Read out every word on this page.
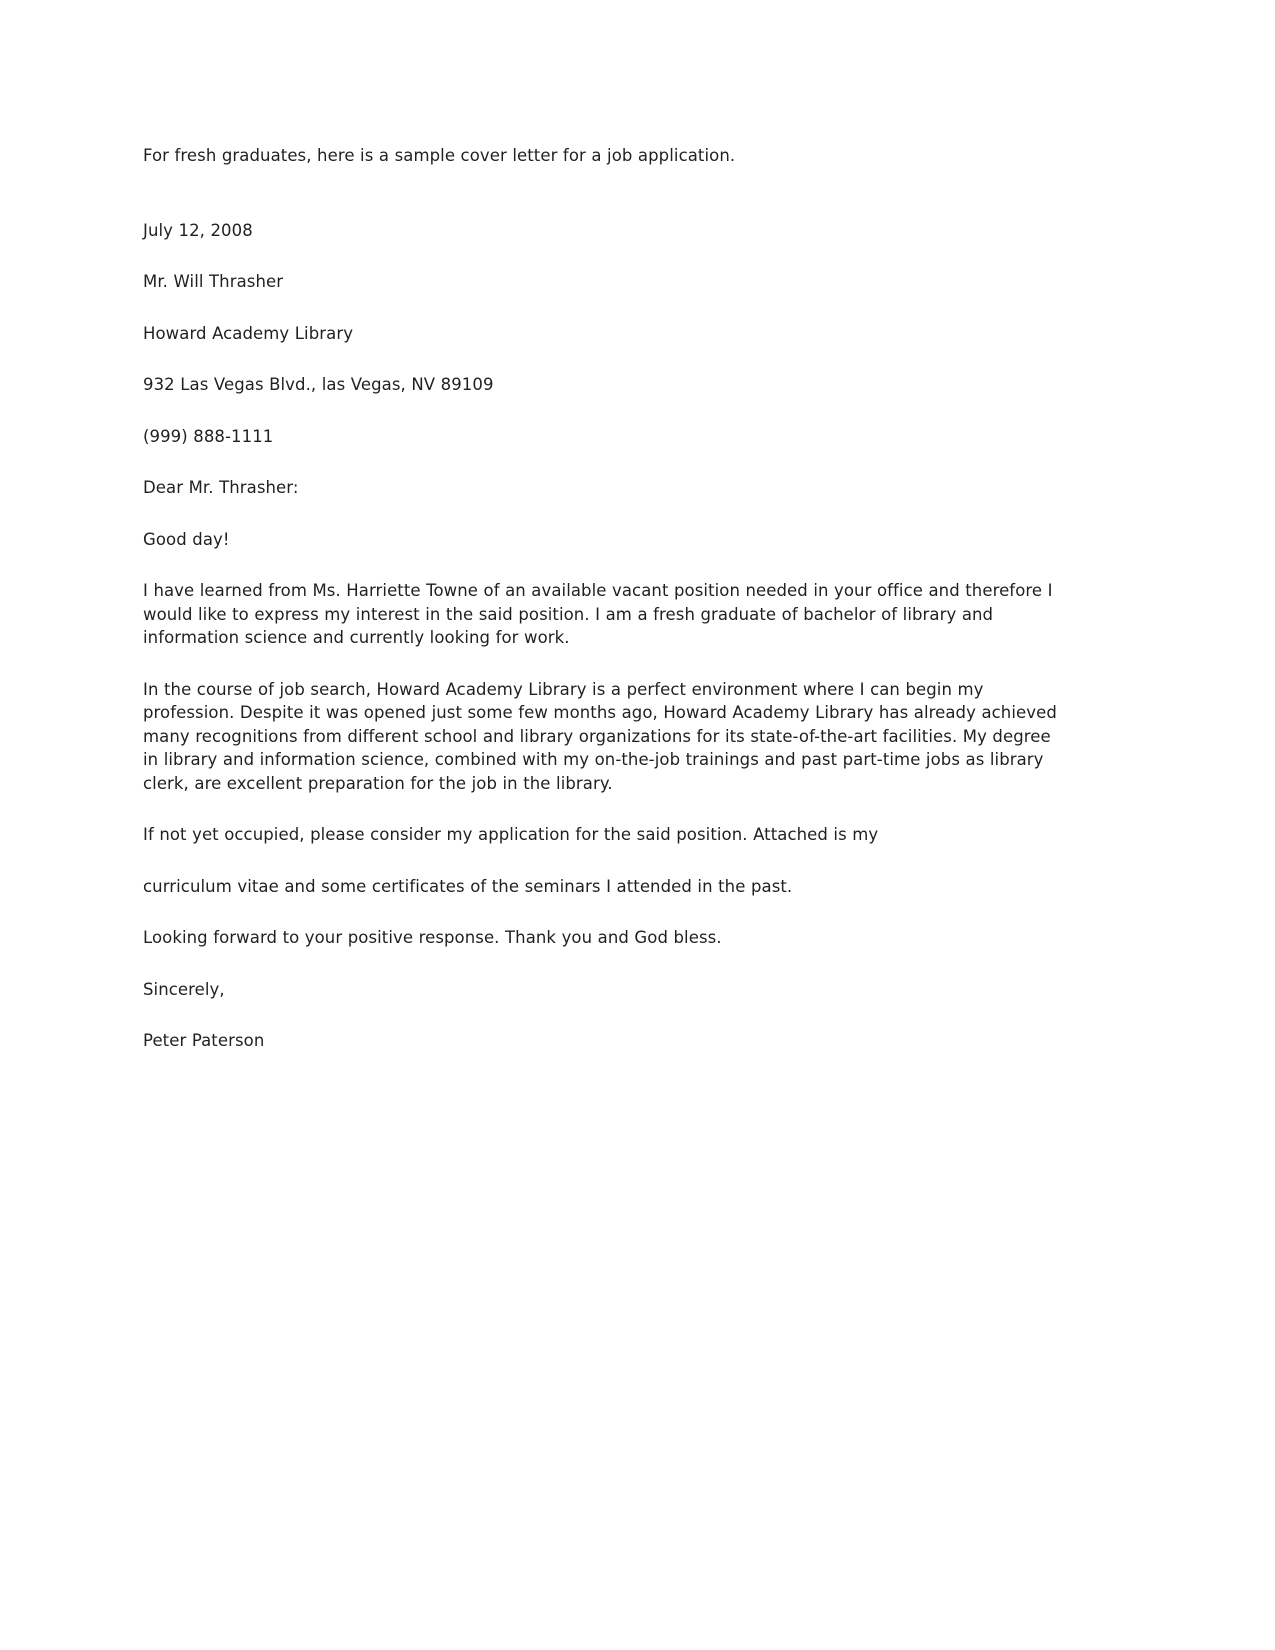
For fresh graduates, here is a sample cover letter for a job application.

July 12, 2008

Mr. Will Thrasher

Howard Academy Library

932 Las Vegas Blvd., las Vegas, NV 89109

(999) 888-1111

Dear Mr. Thrasher:

Good day!

I have learned from Ms. Harriette Towne of an available vacant position needed in your office and therefore I would like to express my interest in the said position. I am a fresh graduate of bachelor of library and information science and currently looking for work.

In the course of job search, Howard Academy Library is a perfect environment where I can begin my profession. Despite it was opened just some few months ago, Howard Academy Library has already achieved many recognitions from different school and library organizations for its state-of-the-art facilities. My degree in library and information science, combined with my on-the-job trainings and past part-time jobs as library clerk, are excellent preparation for the job in the library.

If not yet occupied, please consider my application for the said position. Attached is my

curriculum vitae and some certificates of the seminars I attended in the past.

Looking forward to your positive response. Thank you and God bless.

Sincerely,

Peter Paterson
